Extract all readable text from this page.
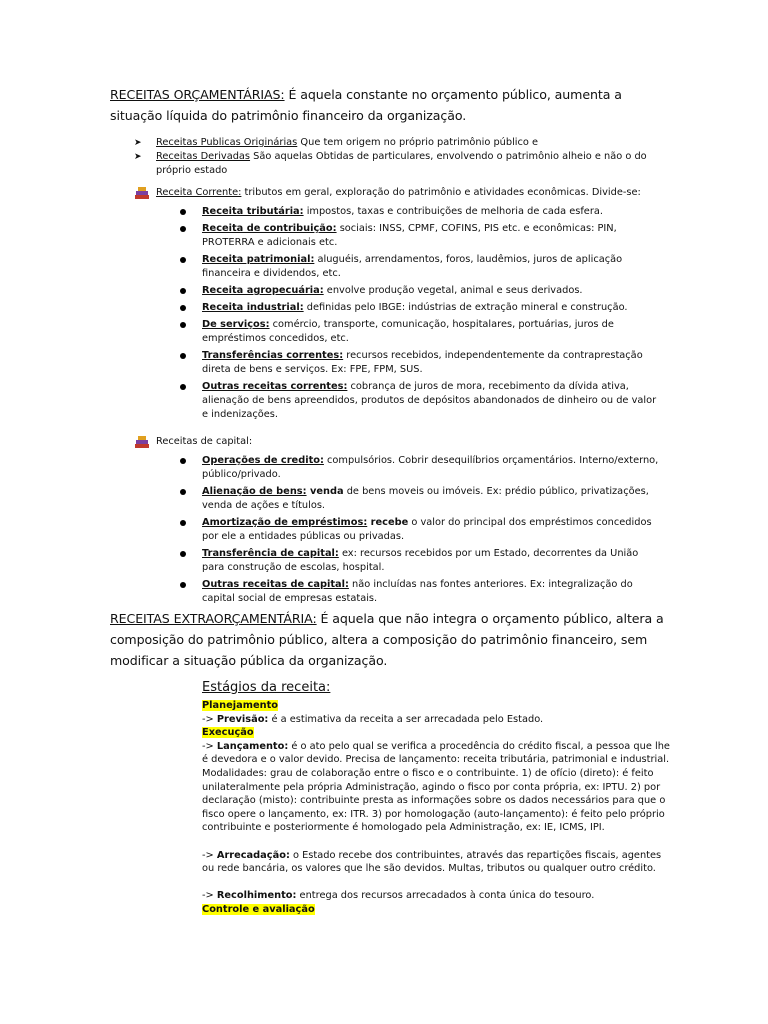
RECEITAS ORÇAMENTÁRIAS: É aquela constante no orçamento público, aumenta a situação líquida do patrimônio financeiro da organização.
➤ Receitas Publicas Originárias Que tem origem no próprio patrimônio público e
➤ Receitas Derivadas São aquelas Obtidas de particulares, envolvendo o patrimônio alheio e não o do próprio estado
Receita Corrente: tributos em geral, exploração do patrimônio e atividades econômicas. Divide-se:
Receita tributária: impostos, taxas e contribuições de melhoria de cada esfera.
Receita de contribuição: sociais: INSS, CPMF, COFINS, PIS etc. e econômicas: PIN, PROTERRA e adicionais etc.
Receita patrimonial: aluguéis, arrendamentos, foros, laudêmios, juros de aplicação financeira e dividendos, etc.
Receita agropecuária: envolve produção vegetal, animal e seus derivados.
Receita industrial: definidas pelo IBGE: indústrias de extração mineral e construção.
De serviços: comércio, transporte, comunicação, hospitalares, portuárias, juros de empréstimos concedidos, etc.
Transferências correntes: recursos recebidos, independentemente da contraprestação direta de bens e serviços. Ex: FPE, FPM, SUS.
Outras receitas correntes: cobrança de juros de mora, recebimento da dívida ativa, alienação de bens apreendidos, produtos de depósitos abandonados de dinheiro ou de valor e indenizações.
Receitas de capital:
Operações de credito: compulsórios. Cobrir desequilíbrios orçamentários. Interno/externo, público/privado.
Alienação de bens: venda de bens moveis ou imóveis. Ex: prédio público, privatizações, venda de ações e títulos.
Amortização de empréstimos: recebe o valor do principal dos empréstimos concedidos por ele a entidades públicas ou privadas.
Transferência de capital: ex: recursos recebidos por um Estado, decorrentes da União para construção de escolas, hospital.
Outras receitas de capital: não incluídas nas fontes anteriores. Ex: integralização do capital social de empresas estatais.
RECEITAS EXTRAORÇAMENTÁRIA: É aquela que não integra o orçamento público, altera a composição do patrimônio público, altera a composição do patrimônio financeiro, sem modificar a situação pública da organização.
Estágios da receita:
Planejamento
-> Previsão: é a estimativa da receita a ser arrecadada pelo Estado.
Execução
-> Lançamento: é o ato pelo qual se verifica a procedência do crédito fiscal, a pessoa que lhe é devedora e o valor devido. Precisa de lançamento: receita tributária, patrimonial e industrial. Modalidades: grau de colaboração entre o fisco e o contribuinte. 1) de ofício (direto): é feito unilateralmente pela própria Administração, agindo o fisco por conta própria, ex: IPTU. 2) por declaração (misto): contribuinte presta as informações sobre os dados necessários para que o fisco opere o lançamento, ex: ITR. 3) por homologação (auto-lançamento): é feito pelo próprio contribuinte e posteriormente é homologado pela Administração, ex: IE, ICMS, IPI.
-> Arrecadação: o Estado recebe dos contribuintes, através das repartições fiscais, agentes ou rede bancária, os valores que lhe são devidos. Multas, tributos ou qualquer outro crédito.
-> Recolhimento: entrega dos recursos arrecadados à conta única do tesouro.
Controle e avaliação
